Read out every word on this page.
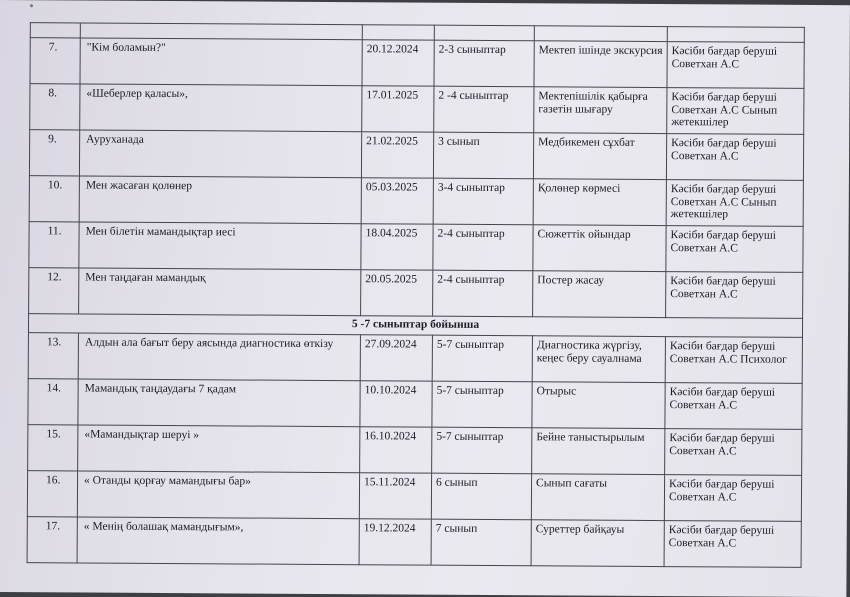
7.	"Кім боламын?"	20.12.2024	2-3 сыныптар	Мектеп ішінде экскурсия	Кәсіби бағдар беруші Советхан А.С
8.	«Шеберлер қаласы»,	17.01.2025	2 -4 сыныптар	Мектепішілік қабырға газетін шығару	Кәсіби бағдар беруші Советхан А.С Сынып жетекшілер
9.	Ауруханада	21.02.2025	3 сынып	Медбикемен сұхбат	Кәсіби бағдар беруші Советхан А.С
10.	Мен жасаған қолөнер	05.03.2025	3-4 сыныптар	Қолөнер көрмесі	Кәсіби бағдар беруші Советхан А.С Сынып жетекшілер
11.	Мен білетін мамандықтар иесі	18.04.2025	2-4 сыныптар	Сюжеттік ойындар	Кәсіби бағдар беруші Советхан А.С
12.	Мен таңдаған мамандық	20.05.2025	2-4 сыныптар	Постер жасау	Кәсіби бағдар беруші Советхан А.С
5 -7 сыныптар бойынша					
13.	Алдын ала бағыт беру аясында диагностика өткізу	27.09.2024	5-7 сыныптар	Диагностика жүргізу, кеңес беру сауалнама	Кәсіби бағдар беруші Советхан А.С Психолог
14.	Мамандық таңдаудағы 7 қадам	10.10.2024	5-7 сыныптар	Отырыс	Кәсіби бағдар беруші Советхан А.С
15.	«Мамандықтар шеруі »	16.10.2024	5-7 сыныптар	Бейне таныстырылым	Кәсіби бағдар беруші Советхан А.С
16.	« Отанды қорғау мамандығы бар»	15.11.2024	6 сынып	Сынып сағаты	Кәсіби бағдар беруші Советхан А.С
17.	« Менің болашақ мамандығым»,	19.12.2024	7 сынып	Суреттер байқауы	Кәсіби бағдар беруші Советхан А.С
